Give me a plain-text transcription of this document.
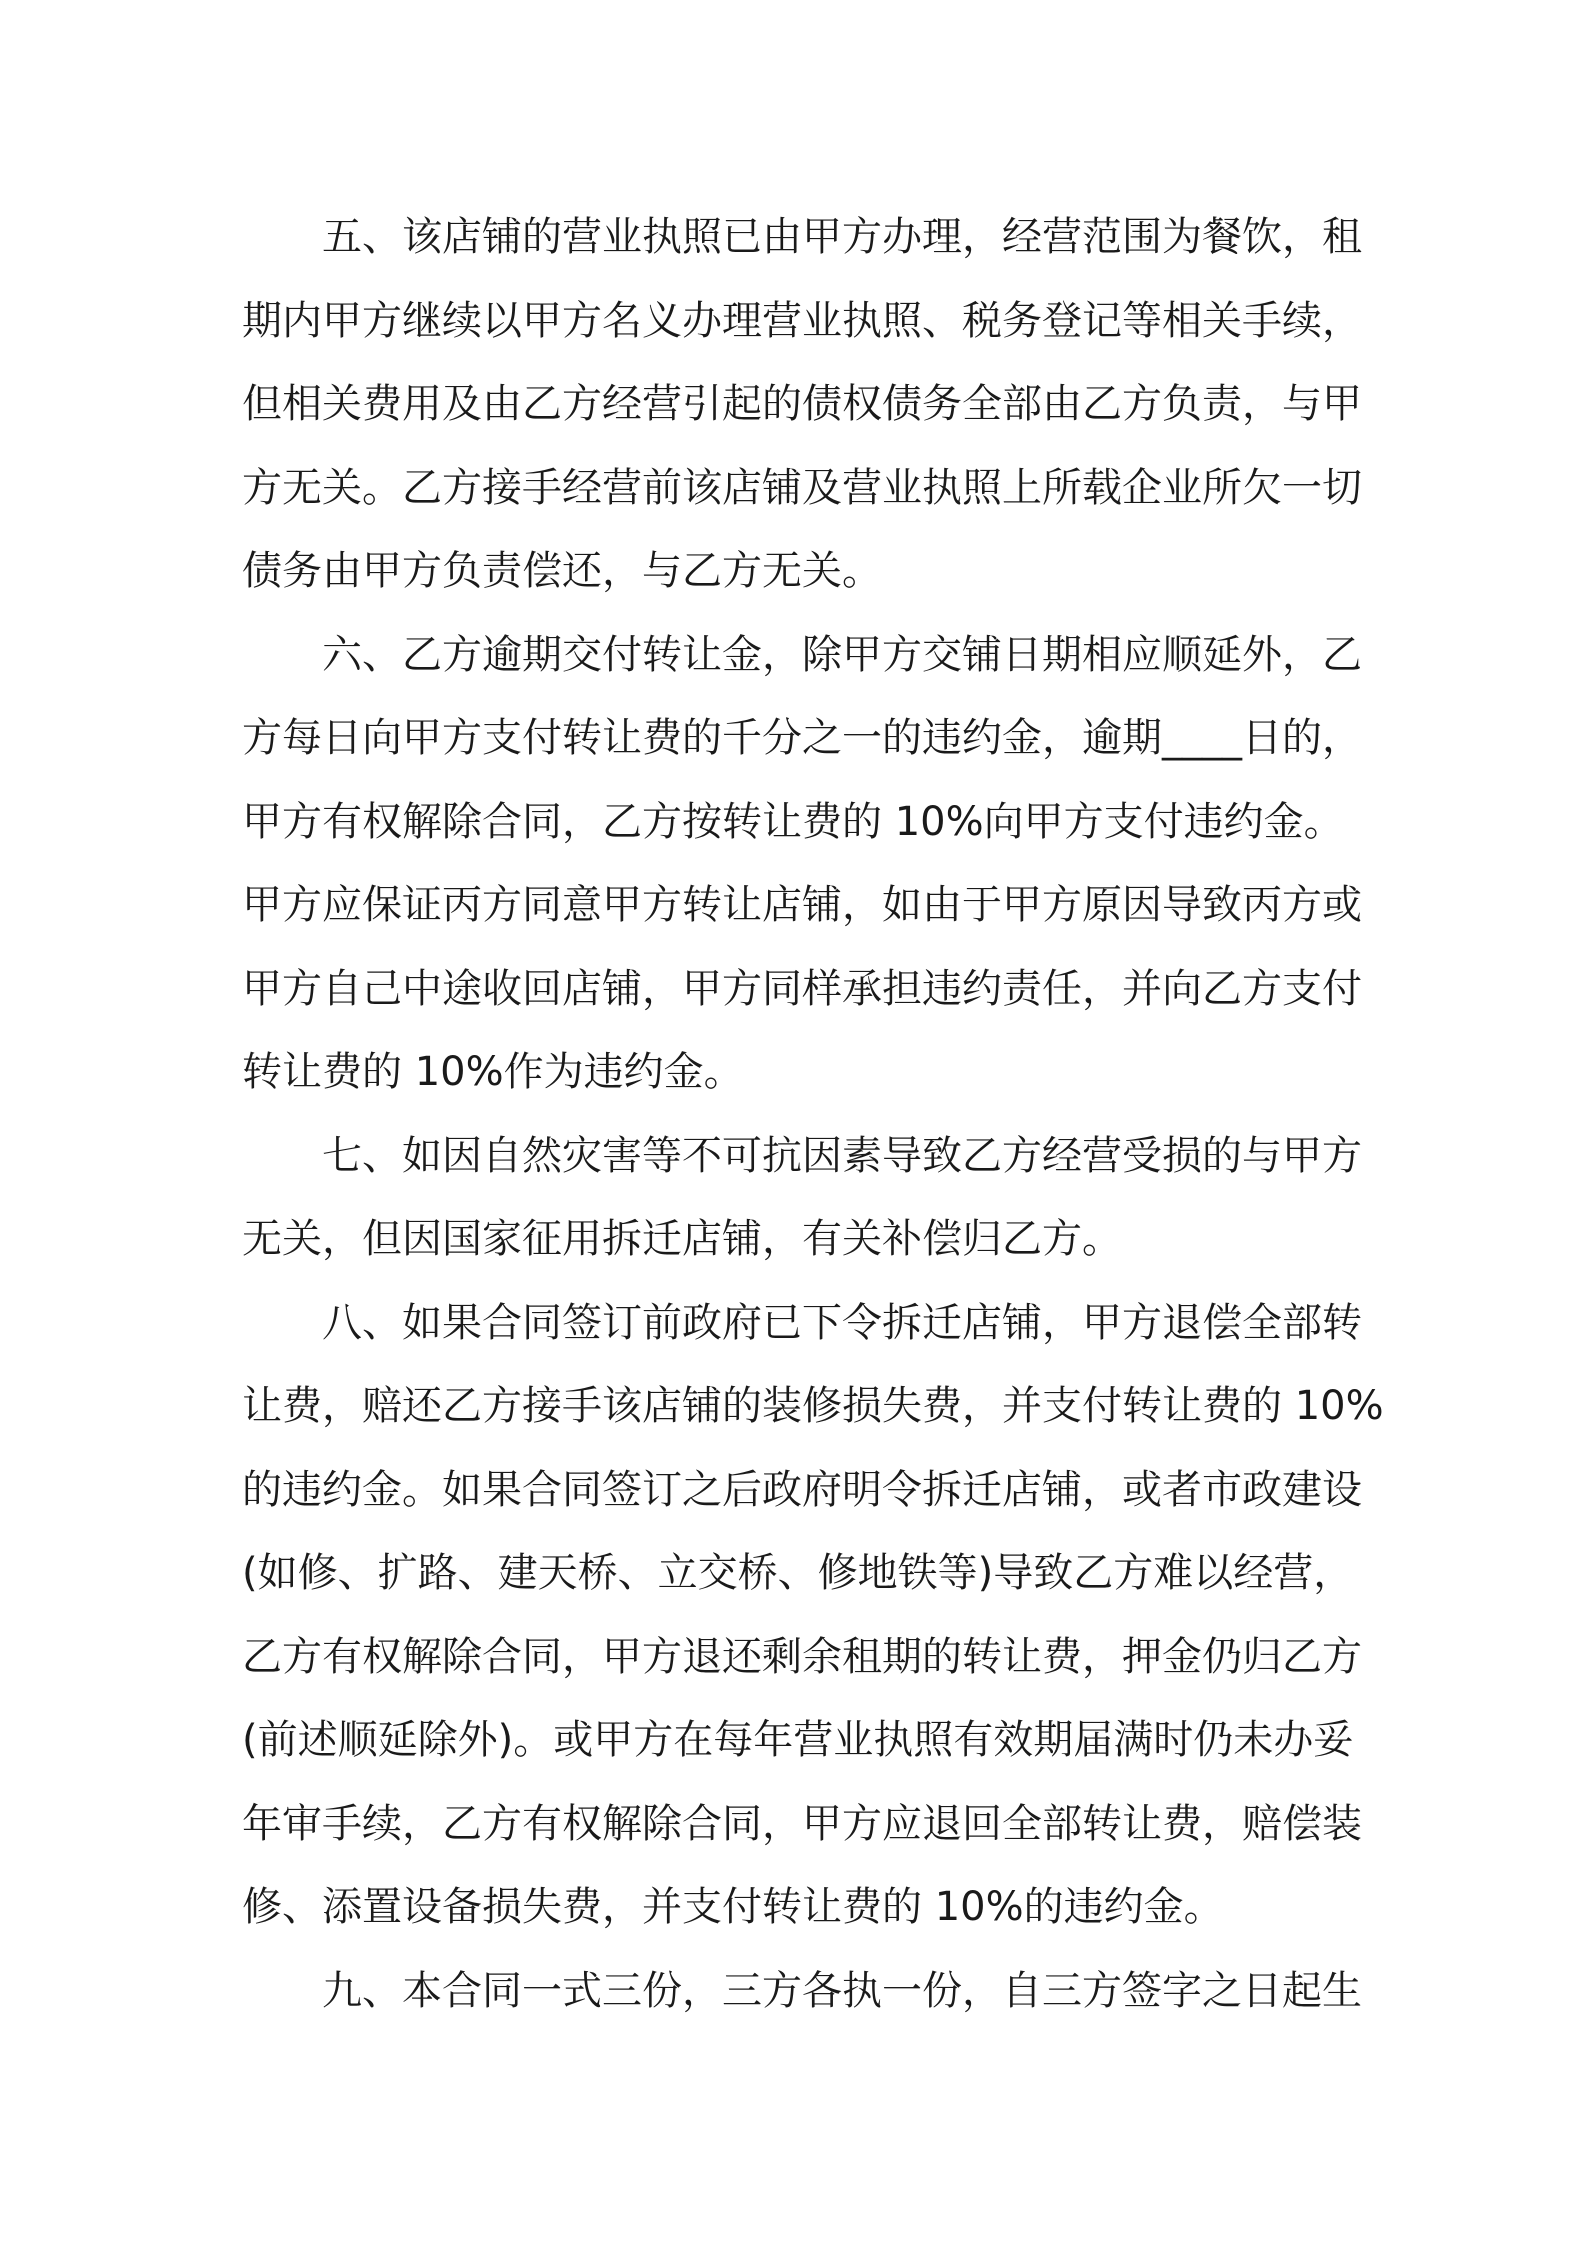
五、该店铺的营业执照已由甲方办理，经营范围为餐饮，租
期内甲方继续以甲方名义办理营业执照、税务登记等相关手续，
但相关费用及由乙方经营引起的债权债务全部由乙方负责，与甲
方无关。乙方接手经营前该店铺及营业执照上所载企业所欠一切
债务由甲方负责偿还，与乙方无关。
六、乙方逾期交付转让金，除甲方交铺日期相应顺延外，乙
方每日向甲方支付转让费的千分之一的违约金，逾期____日的，
甲方有权解除合同，乙方按转让费的 10%向甲方支付违约金。
甲方应保证丙方同意甲方转让店铺，如由于甲方原因导致丙方或
甲方自己中途收回店铺，甲方同样承担违约责任，并向乙方支付
转让费的 10%作为违约金。
七、如因自然灾害等不可抗因素导致乙方经营受损的与甲方
无关，但因国家征用拆迁店铺，有关补偿归乙方。
八、如果合同签订前政府已下令拆迁店铺，甲方退偿全部转
让费，赔还乙方接手该店铺的装修损失费，并支付转让费的 10%
的违约金。如果合同签订之后政府明令拆迁店铺，或者市政建设
(如修、扩路、建天桥、立交桥、修地铁等)导致乙方难以经营，
乙方有权解除合同，甲方退还剩余租期的转让费，押金仍归乙方
(前述顺延除外)。或甲方在每年营业执照有效期届满时仍未办妥
年审手续，乙方有权解除合同，甲方应退回全部转让费，赔偿装
修、添置设备损失费，并支付转让费的 10%的违约金。
九、本合同一式三份，三方各执一份，自三方签字之日起生
